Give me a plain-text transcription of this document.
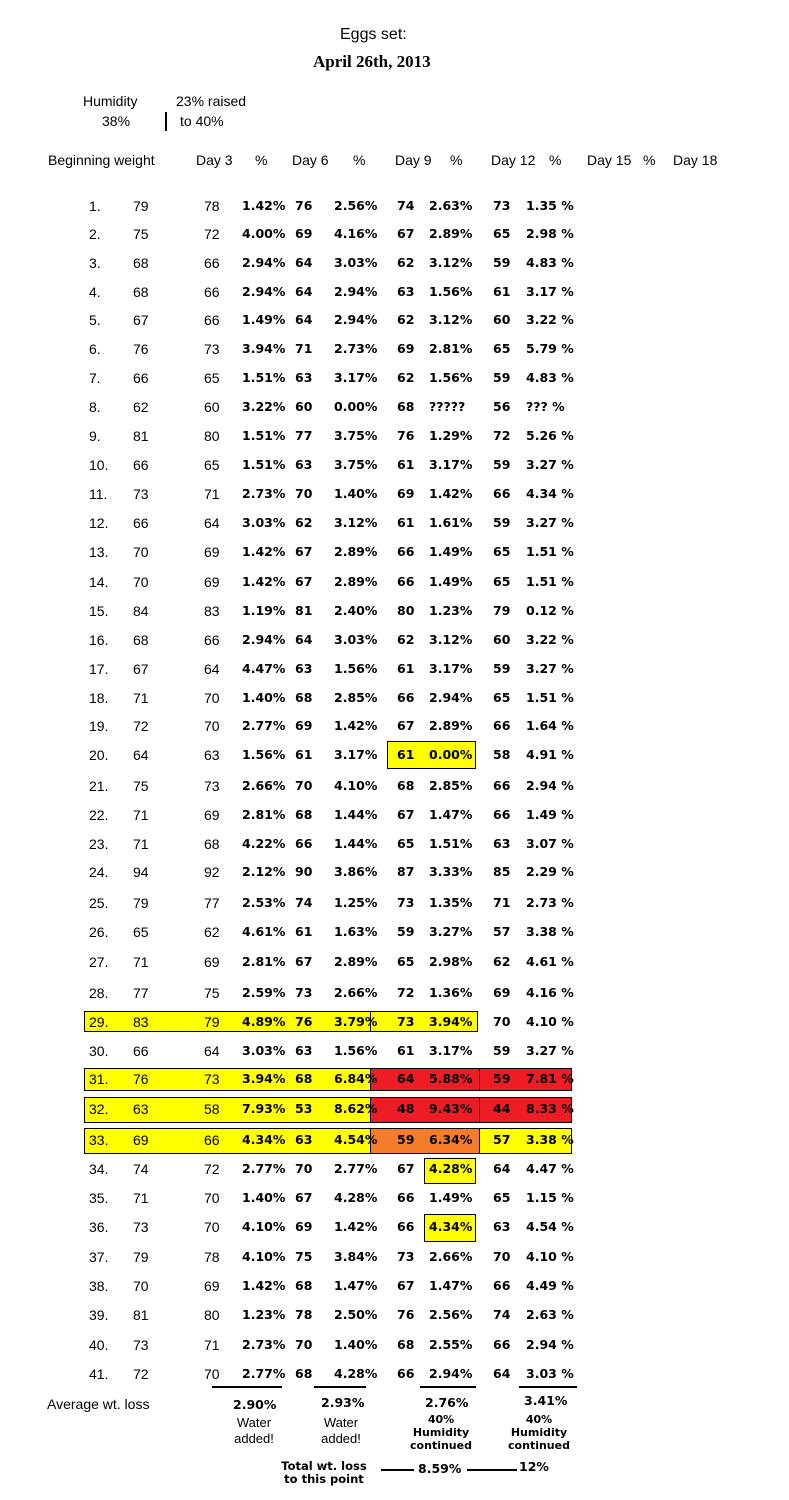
Eggs set:
April 26th, 2013
Humidity
38%
23% raised
to 40%
Beginning weight	Day 3 % Day 6 % Day 9 % Day 12 % Day 15 % Day 18
1. 79	78 1.42% 76 2.56% 74 2.63% 73 1.35 %
2. 75	72 4.00% 69 4.16% 67 2.89% 65 2.98 %
3. 68	66 2.94% 64 3.03% 62 3.12% 59 4.83 %
4. 68	66 2.94% 64 2.94% 63 1.56% 61 3.17 %
5. 67	66 1.49% 64 2.94% 62 3.12% 60 3.22 %
6. 76	73 3.94% 71 2.73% 69 2.81% 65 5.79 %
7. 66	65 1.51% 63 3.17% 62 1.56% 59 4.83 %
8. 62	60 3.22% 60 0.00% 68 ????? 56 ??? %
9. 81	80 1.51% 77 3.75% 76 1.29% 72 5.26 %
10. 66	65 1.51% 63 3.75% 61 3.17% 59 3.27 %
11. 73	71 2.73% 70 1.40% 69 1.42% 66 4.34 %
12. 66	64 3.03% 62 3.12% 61 1.61% 59 3.27 %
13. 70	69 1.42% 67 2.89% 66 1.49% 65 1.51 %
14. 70	69 1.42% 67 2.89% 66 1.49% 65 1.51 %
15. 84	83 1.19% 81 2.40% 80 1.23% 79 0.12 %
16. 68	66 2.94% 64 3.03% 62 3.12% 60 3.22 %
17. 67	64 4.47% 63 1.56% 61 3.17% 59 3.27 %
18. 71	70 1.40% 68 2.85% 66 2.94% 65 1.51 %
19. 72	70 2.77% 69 1.42% 67 2.89% 66 1.64 %
20. 64	63 1.56% 61 3.17% 61 0.00% 58 4.91 %
21. 75	73 2.66% 70 4.10% 68 2.85% 66 2.94 %
22. 71	69 2.81% 68 1.44% 67 1.47% 66 1.49 %
23. 71	68 4.22% 66 1.44% 65 1.51% 63 3.07 %
24. 94	92 2.12% 90 3.86% 87 3.33% 85 2.29 %
25. 79	77 2.53% 74 1.25% 73 1.35% 71 2.73 %
26. 65	62 4.61% 61 1.63% 59 3.27% 57 3.38 %
27. 71	69 2.81% 67 2.89% 65 2.98% 62 4.61 %
28. 77	75 2.59% 73 2.66% 72 1.36% 69 4.16 %
29. 83	79 4.89% 76 3.79% 73 3.94% 70 4.10 %
30. 66	64 3.03% 63 1.56% 61 3.17% 59 3.27 %
31. 76	73 3.94% 68 6.84% 64 5.88% 59 7.81 %
32. 63	58 7.93% 53 8.62% 48 9.43% 44 8.33 %
33. 69	66 4.34% 63 4.54% 59 6.34% 57 3.38 %
34. 74	72 2.77% 70 2.77% 67 4.28% 64 4.47 %
35. 71	70 1.40% 67 4.28% 66 1.49% 65 1.15 %
36. 73	70 4.10% 69 1.42% 66 4.34% 63 4.54 %
37. 79	78 4.10% 75 3.84% 73 2.66% 70 4.10 %
38. 70	69 1.42% 68 1.47% 67 1.47% 66 4.49 %
39. 81	80 1.23% 78 2.50% 76 2.56% 74 2.63 %
40. 73	71 2.73% 70 1.40% 68 2.55% 66 2.94 %
41. 72	70 2.77% 68 4.28% 66 2.94% 64 3.03 %
Average wt. loss	2.90%	2.93%	2.76%	3.41%
Water added!
Water added!
40% Humidity continued
40% Humidity continued
Total wt. loss to this point
8.59%	12%
